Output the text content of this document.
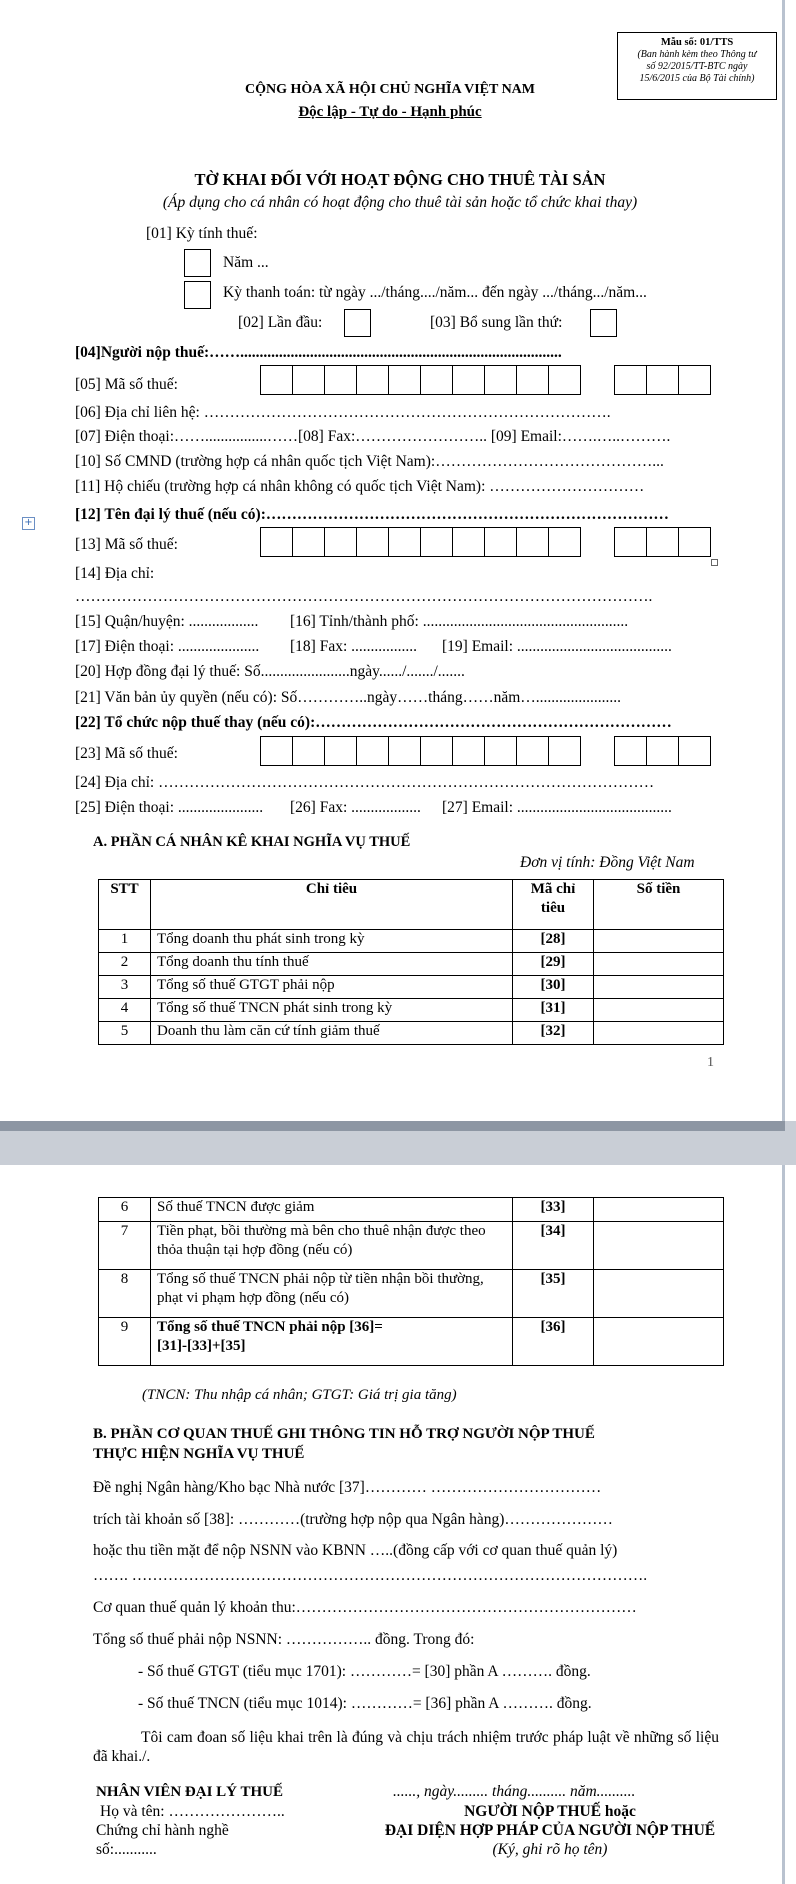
Mẫu số: 01/TTS
(Ban hành kèm theo Thông tư
số 92/2015/TT-BTC ngày
15/6/2015 của Bộ Tài chính)
CỘNG HÒA XÃ HỘI CHỦ NGHĨA VIỆT NAM
Độc lập - Tự do - Hạnh phúc
TỜ KHAI ĐỐI VỚI HOẠT ĐỘNG CHO THUÊ TÀI SẢN
(Áp dụng cho cá nhân có hoạt động cho thuê tài sản hoặc tổ chức khai thay)
[01] Kỳ tính thuế:
Năm ...
Kỳ thanh toán: từ ngày .../tháng..../năm... đến ngày .../tháng.../năm...
[02] Lần đầu:	[03] Bổ sung lần thứ:
[04]Người nộp thuế:……...................................................................................
[05] Mã số thuế:
[06] Địa chỉ liên hệ: …………………………………………………………………….
[07] Điện thoại:……................……[08] Fax:…………………….. [09] Email:…….…..……….
[10] Số CMND (trường hợp cá nhân quốc tịch Việt Nam):……………………………………...
[11] Hộ chiếu (trường hợp cá nhân không có quốc tịch Việt Nam): …………………………
+	[12] Tên đại lý thuế (nếu có):……………………………………………………………………
[13] Mã số thuế:
[14] Địa chỉ:
………………………………………………………………………………………………….
[15] Quận/huyện: .................. [16] Tỉnh/thành phố: .....................................................
[17] Điện thoại: ..................... [18] Fax: ................. [19] Email: ........................................
[20] Hợp đồng đại lý thuế: Số.......................ngày....../......./.......
[21] Văn bản ủy quyền (nếu có): Số…………..ngày……tháng……năm…......................
[22] Tổ chức nộp thuế thay (nếu có):……………………………………………………………
[23] Mã số thuế:
[24] Địa chỉ: ……………………………………………………………………………………
[25] Điện thoại: ...................... [26] Fax: .................. [27] Email: ........................................
A. PHẦN CÁ NHÂN KÊ KHAI NGHĨA VỤ THUẾ
Đơn vị tính: Đồng Việt Nam
STT	Chỉ tiêu	Mã chỉ tiêu	Số tiền
1	Tổng doanh thu phát sinh trong kỳ	[28]	
2	Tổng doanh thu tính thuế	[29]	
3	Tổng số thuế GTGT phải nộp	[30]	
4	Tổng số thuế TNCN phát sinh trong kỳ	[31]	
5	Doanh thu làm căn cứ tính giảm thuế	[32]	
1
6	Số thuế TNCN được giảm	[33]	
7	Tiền phạt, bồi thường mà bên cho thuê nhận được theo thỏa thuận tại hợp đồng (nếu có)	[34]	
8	Tổng số thuế TNCN phải nộp từ tiền nhận bồi thường, phạt vi phạm hợp đồng (nếu có)	[35]	
9	Tổng số thuế TNCN phải nộp [36]=[31]-[33]+[35]	[36]	
(TNCN: Thu nhập cá nhân; GTGT: Giá trị gia tăng)
B. PHẦN CƠ QUAN THUẾ GHI THÔNG TIN HỖ TRỢ NGƯỜI NỘP THUẾ
THỰC HIỆN NGHĨA VỤ THUẾ
Đề nghị Ngân hàng/Kho bạc Nhà nước [37]………… ……………………………
trích tài khoản số [38]: …………(trường hợp nộp qua Ngân hàng)…………………
hoặc thu tiền mặt để nộp NSNN vào KBNN …..(đồng cấp với cơ quan thuế quản lý)
……. ……………………………………………………………………………………….
Cơ quan thuế quản lý khoản thu:…………………………………………………………
Tổng số thuế phải nộp NSNN: …………….. đồng. Trong đó:
- Số thuế GTGT (tiểu mục 1701): …………= [30] phần A ………. đồng.
- Số thuế TNCN (tiểu mục 1014): …………= [36] phần A ………. đồng.
Tôi cam đoan số liệu khai trên là đúng và chịu trách nhiệm trước pháp luật về những số liệu đã khai./.
NHÂN VIÊN ĐẠI LÝ THUẾ
Họ và tên: …………………..
Chứng chỉ hành nghề
số:...........
......, ngày......... tháng.......... năm..........
NGƯỜI NỘP THUẾ hoặc
ĐẠI DIỆN HỢP PHÁP CỦA NGƯỜI NỘP THUẾ
(Ký, ghi rõ họ tên)
